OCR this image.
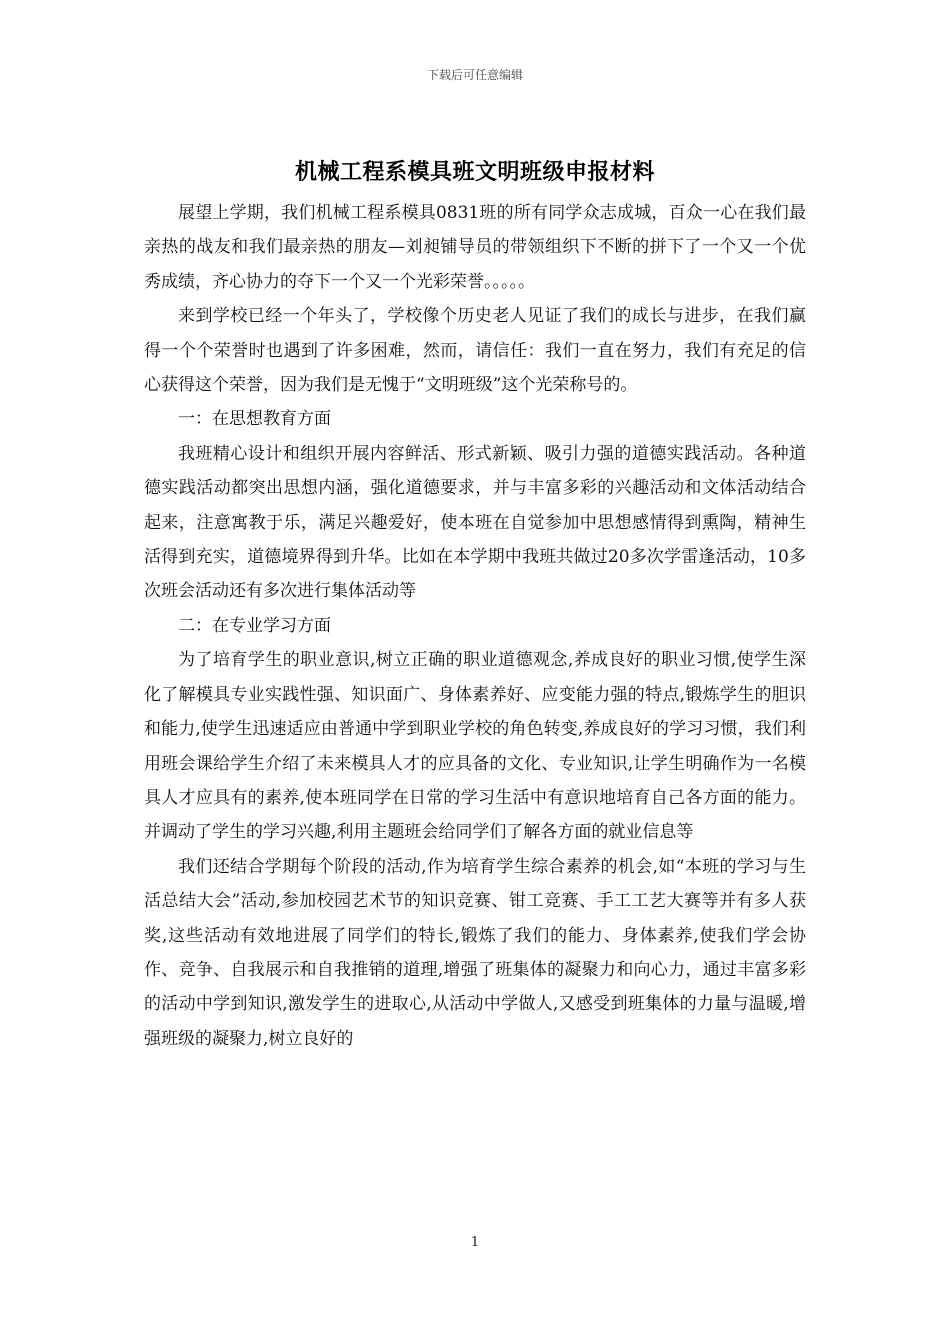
下载后可任意编辑
机械工程系模具班文明班级申报材料

展望上学期，我们机械工程系模具0831班的所有同学众志成城，百众一心在我们最亲热的战友和我们最亲热的朋友—刘昶铺导员的带领组织下不断的拼下了一个又一个优秀成绩，齐心协力的夺下一个又一个光彩荣誉。。。。。

来到学校已经一个年头了，学校像个历史老人见证了我们的成长与进步，在我们赢得一个个荣誉时也遇到了许多困难，然而，请信任：我们一直在努力，我们有充足的信心获得这个荣誉，因为我们是无愧于“文明班级”这个光荣称号的。

一：在思想教育方面

我班精心设计和组织开展内容鲜活、形式新颖、吸引力强的道德实践活动。各种道德实践活动都突出思想内涵，强化道德要求，并与丰富多彩的兴趣活动和文体活动结合起来，注意寓教于乐，满足兴趣爱好，使本班在自觉参加中思想感情得到熏陶，精神生活得到充实，道德境界得到升华。比如在本学期中我班共做过20多次学雷逢活动，10多次班会活动还有多次进行集体活动等

二：在专业学习方面

为了培育学生的职业意识,树立正确的职业道德观念,养成良好的职业习惯,使学生深化了解模具专业实践性强、知识面广、身体素养好、应变能力强的特点,锻炼学生的胆识和能力,使学生迅速适应由普通中学到职业学校的角色转变,养成良好的学习习惯，我们利用班会课给学生介绍了未来模具人才的应具备的文化、专业知识,让学生明确作为一名模具人才应具有的素养,使本班同学在日常的学习生活中有意识地培育自己各方面的能力。并调动了学生的学习兴趣,利用主题班会给同学们了解各方面的就业信息等

我们还结合学期每个阶段的活动,作为培育学生综合素养的机会,如“本班的学习与生活总结大会”活动,参加校园艺术节的知识竞赛、钳工竞赛、手工工艺大赛等并有多人获奖,这些活动有效地进展了同学们的特长,锻炼了我们的能力、身体素养,使我们学会协作、竞争、自我展示和自我推销的道理,增强了班集体的凝聚力和向心力，通过丰富多彩的活动中学到知识,激发学生的进取心,从活动中学做人,又感受到班集体的力量与温暖,增强班级的凝聚力,树立良好的

1
